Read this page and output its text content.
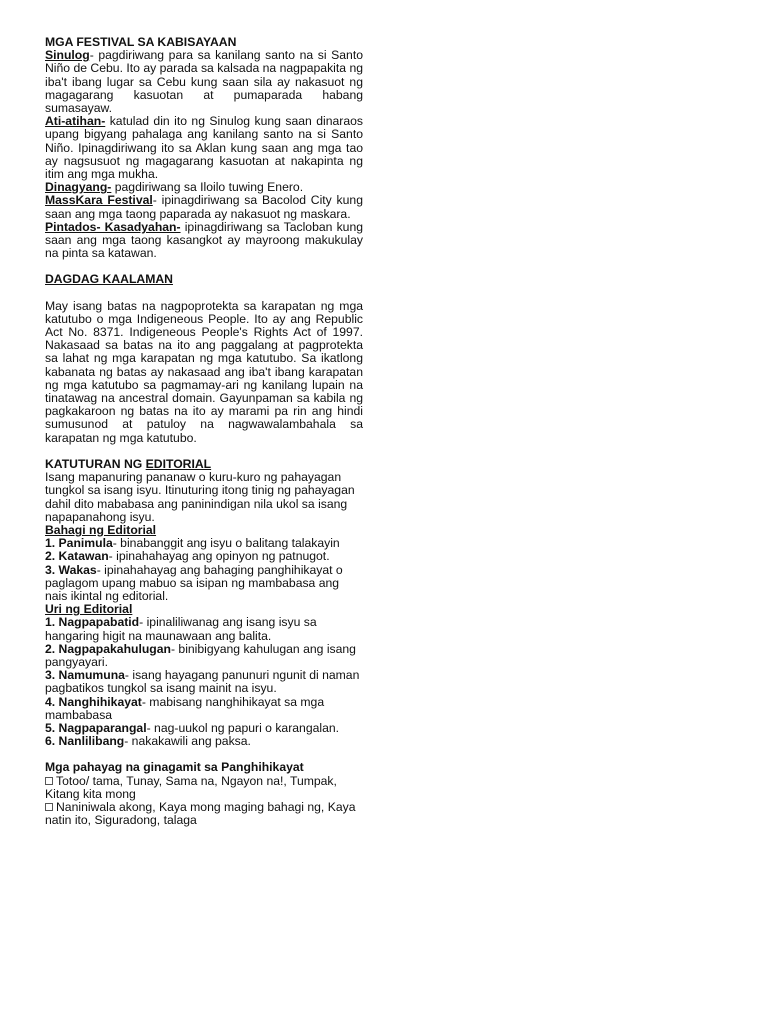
MGA FESTIVAL SA KABISAYAAN

Sinulog- pagdiriwang para sa kanilang santo na si Santo Niño de Cebu. Ito ay parada sa kalsada na nagpapakita ng iba't ibang lugar sa Cebu kung saan sila ay nakasuot ng magagarang kasuotan at pumaparada habang sumasayaw.

Ati-atihan- katulad din ito ng Sinulog kung saan dinaraos upang bigyang pahalaga ang kanilang santo na si Santo Niño. Ipinagdiriwang ito sa Aklan kung saan ang mga tao ay nagsusuot ng magagarang kasuotan at nakapinta ng itim ang mga mukha.

Dinagyang- pagdiriwang sa Iloilo tuwing Enero.

MassKara Festival- ipinagdiriwang sa Bacolod City kung saan ang mga taong paparada ay nakasuot ng maskara.

Pintados- Kasadyahan- ipinagdiriwang sa Tacloban kung saan ang mga taong kasangkot ay mayroong makukulay na pinta sa katawan.

DAGDAG KAALAMAN

May isang batas na nagpoprotekta sa karapatan ng mga katutubo o mga Indigeneous People. Ito ay ang Republic Act No. 8371. Indigeneous People's Rights Act of 1997. Nakasaad sa batas na ito ang paggalang at pagprotekta sa lahat ng mga karapatan ng mga katutubo. Sa ikatlong kabanata ng batas ay nakasaad ang iba't ibang karapatan ng mga katutubo sa pagmamay-ari ng kanilang lupain na tinatawag na ancestral domain. Gayunpaman sa kabila ng pagkakaroon ng batas na ito ay marami pa rin ang hindi sumusunod at patuloy na nagwawalambahala sa karapatan ng mga katutubo.

KATUTURAN NG EDITORIAL

Isang mapanuring pananaw o kuru-kuro ng pahayagan tungkol sa isang isyu. Itinuturing itong tinig ng pahayagan dahil dito mababasa ang paninindigan nila ukol sa isang napapanahong isyu.

Bahagi ng Editorial

1. Panimula- binabanggit ang isyu o balitang talakayin

2. Katawan- ipinahahayag ang opinyon ng patnugot.

3. Wakas- ipinahahayag ang bahaging panghihikayat o paglagom upang mabuo sa isipan ng mambabasa ang nais ikintal ng editorial.

Uri ng Editorial

1. Nagpapabatid- ipinaliliwanag ang isang isyu sa hangaring higit na maunawaan ang balita.

2. Nagpapakahulugan- binibigyang kahulugan ang isang pangyayari.

3. Namumuna- isang hayagang panunuri ngunit di naman pagbatikos tungkol sa isang mainit na isyu.

4. Nanghihikayat- mabisang nanghihikayat sa mga mambabasa

5. Nagpaparangal- nag-uukol ng papuri o karangalan.

6. Nanlilibang- nakakawili ang paksa.

Mga pahayag na ginagamit sa Panghihikayat

Totoo/ tama, Tunay, Sama na, Ngayon na!, Tumpak, Kitang kita mong

Naniniwala akong, Kaya mong maging bahagi ng, Kaya natin ito, Siguradong, talaga
